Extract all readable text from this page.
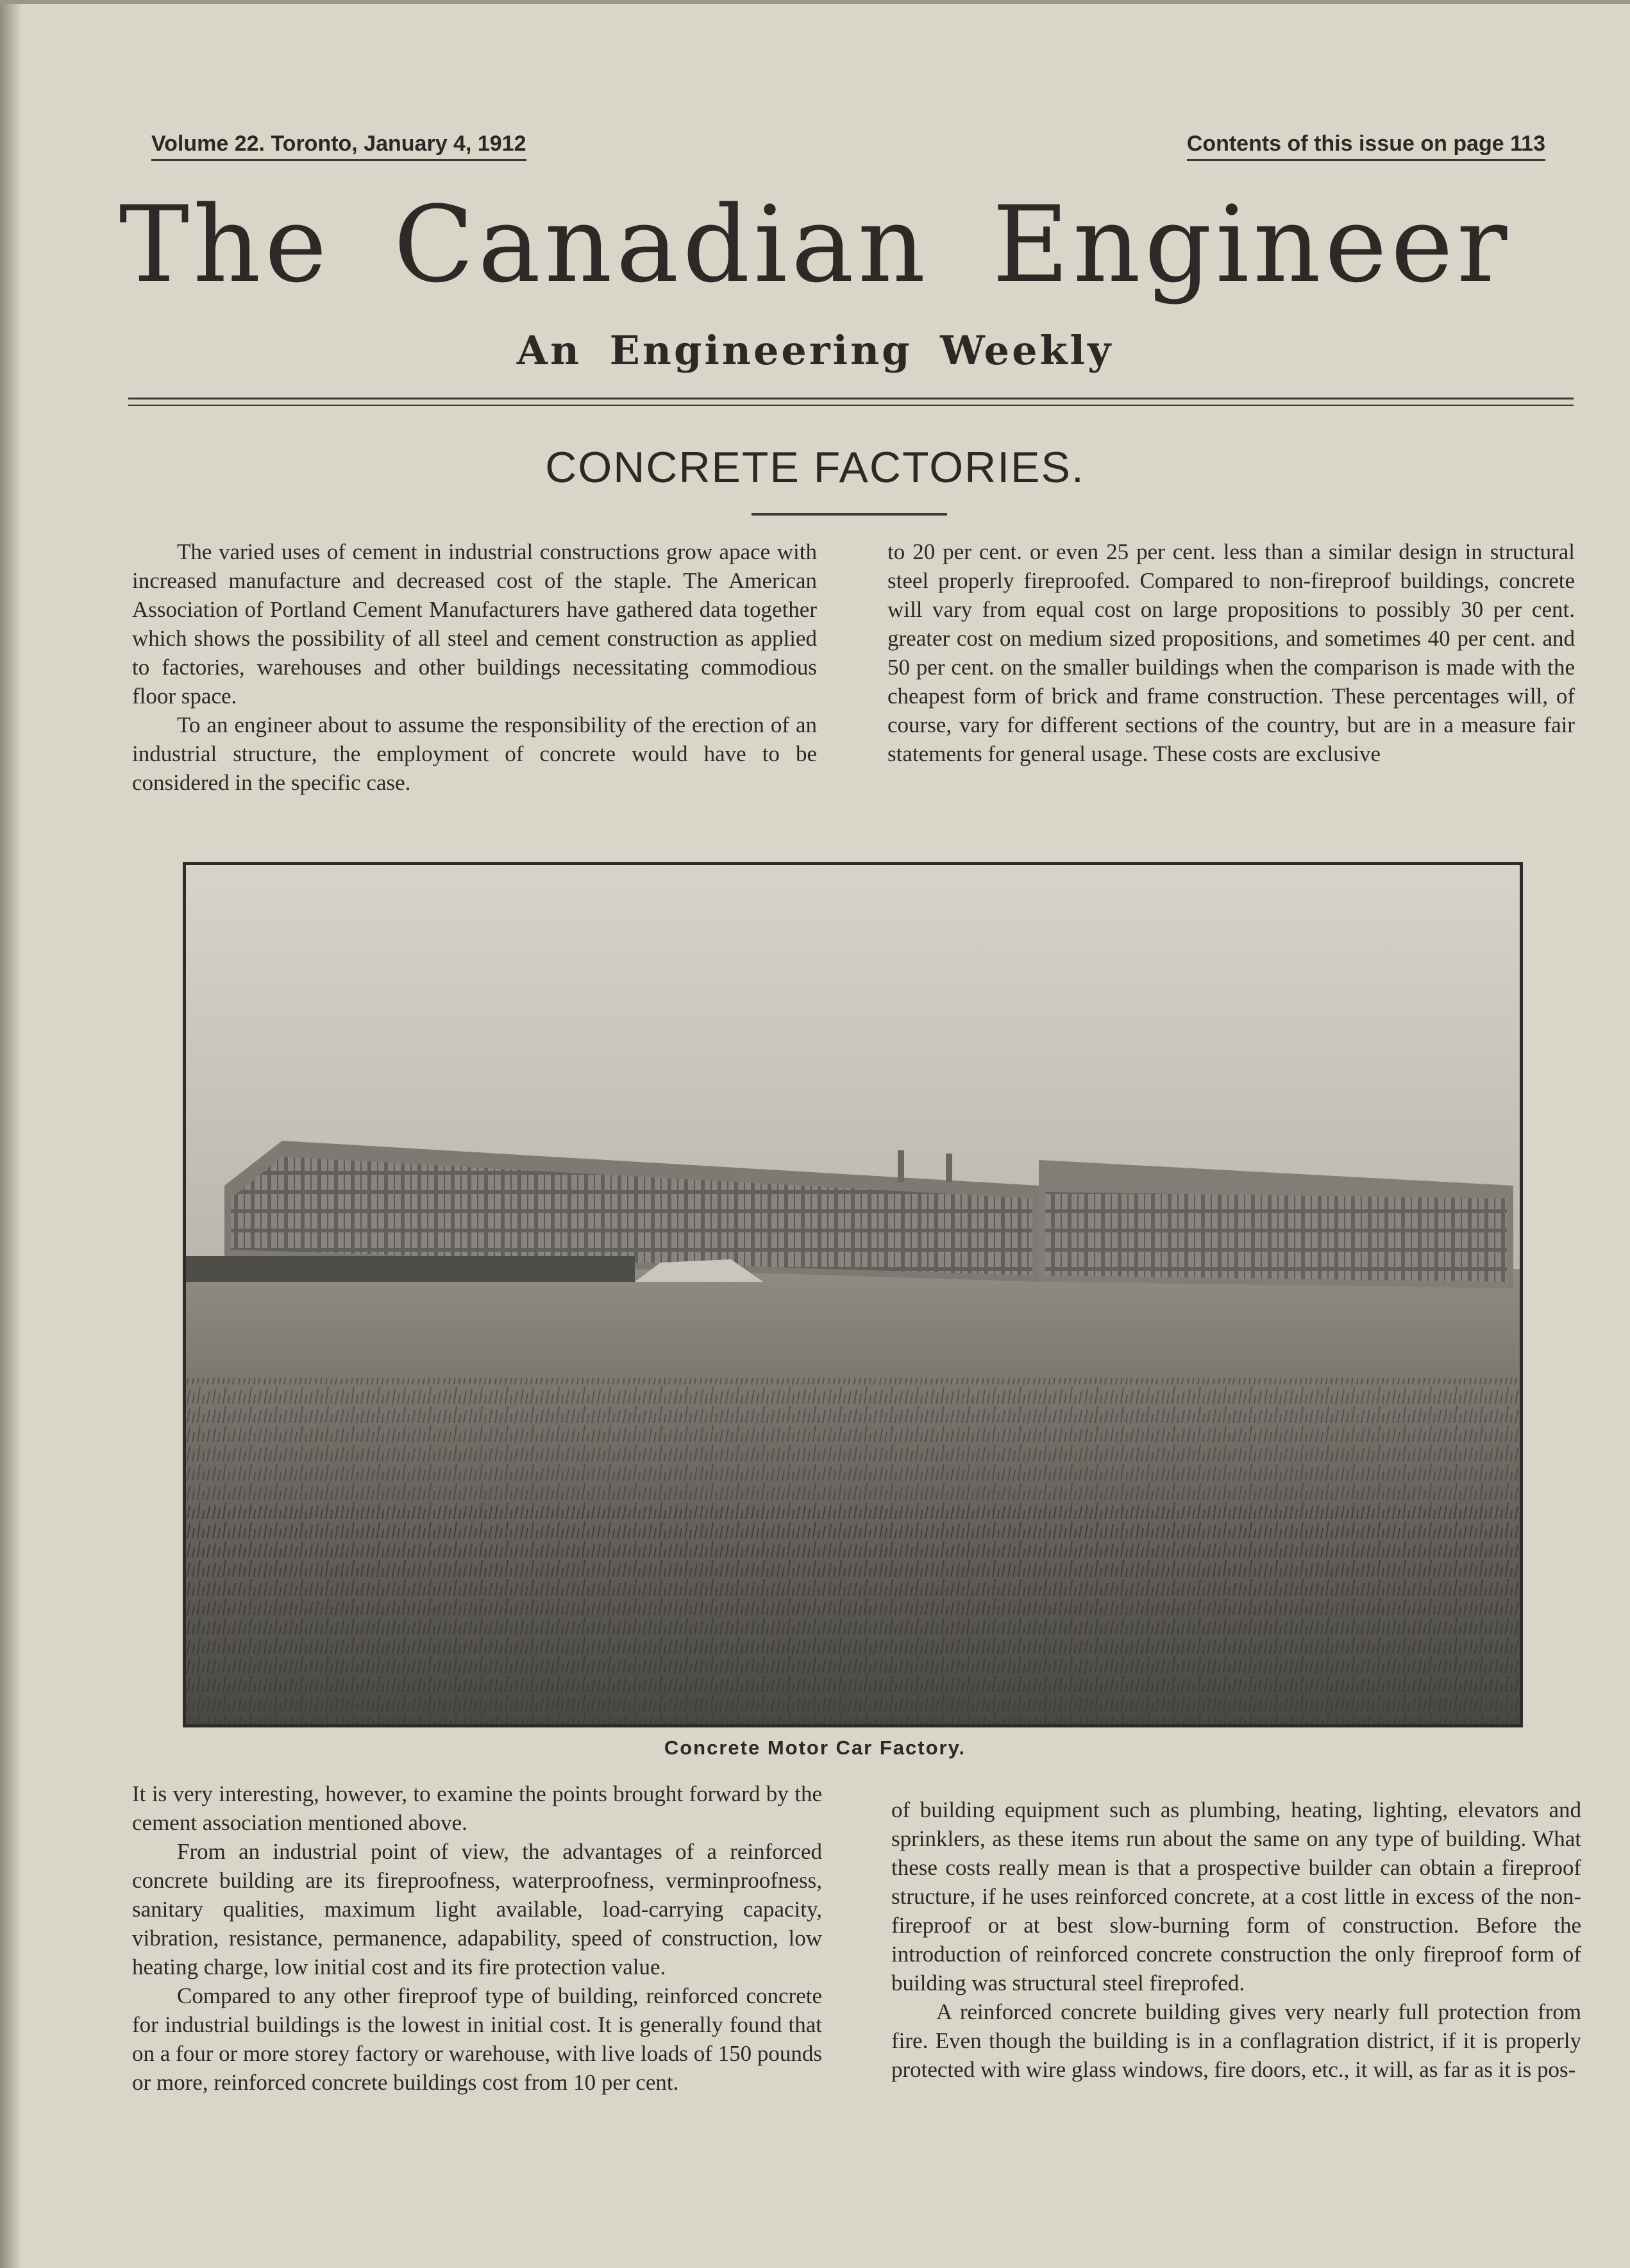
Volume 22. Toronto, January 4, 1912	Contents of this issue on page 113
The Canadian Engineer
An Engineering Weekly
CONCRETE FACTORIES.

The varied uses of cement in industrial constructions grow apace with increased manufacture and decreased cost of the staple. The American Association of Portland Cement Manufacturers have gathered data together which shows the possibility of all steel and cement construction as applied to factories, warehouses and other buildings necessitating commodious floor space.

To an engineer about to assume the responsibility of the erection of an industrial structure, the employment of concrete would have to be considered in the specific case.

to 20 per cent. or even 25 per cent. less than a similar design in structural steel properly fireproofed. Compared to non-fireproof buildings, concrete will vary from equal cost on large propositions to possibly 30 per cent. greater cost on medium sized propositions, and sometimes 40 per cent. and 50 per cent. on the smaller buildings when the comparison is made with the cheapest form of brick and frame construction. These percentages will, of course, vary for different sections of the country, but are in a measure fair statements for general usage. These costs are exclusive

Concrete Motor Car Factory.

It is very interesting, however, to examine the points brought forward by the cement association mentioned above.

From an industrial point of view, the advantages of a reinforced concrete building are its fireproofness, waterproofness, verminproofness, sanitary qualities, maximum light available, load-carrying capacity, vibration, resistance, permanence, adapability, speed of construction, low heating charge, low initial cost and its fire protection value.

Compared to any other fireproof type of building, reinforced concrete for industrial buildings is the lowest in initial cost. It is generally found that on a four or more storey factory or warehouse, with live loads of 150 pounds or more, reinforced concrete buildings cost from 10 per cent.

of building equipment such as plumbing, heating, lighting, elevators and sprinklers, as these items run about the same on any type of building. What these costs really mean is that a prospective builder can obtain a fireproof structure, if he uses reinforced concrete, at a cost little in excess of the non-fireproof or at best slow-burning form of construction. Before the introduction of reinforced concrete construction the only fireproof form of building was structural steel fireprofed.

A reinforced concrete building gives very nearly full protection from fire. Even though the building is in a conflagration district, if it is properly protected with wire glass windows, fire doors, etc., it will, as far as it is pos-
